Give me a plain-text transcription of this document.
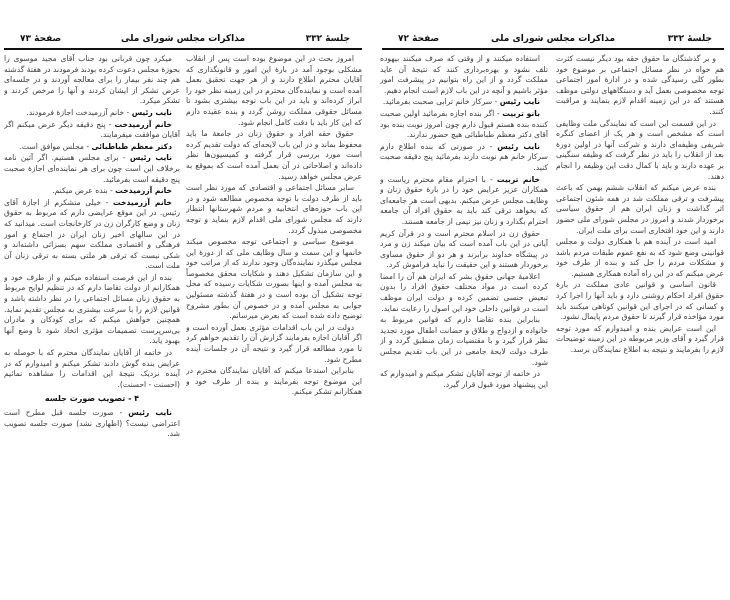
صفحهٔ ۷۳	مذاکرات مجلس شورای ملی	جلسهٔ ۳۳۲

امروز بحث در این موضوع بوده است پس از انقلاب مشکلی بوجود آمد در بارهٔ این امور و قانونگذاری که آقایان محترم اطلاع دارند و از هر جهت تحقیق بعمل آمده است و نماینده‌گان محترم در این زمینه نظر خود را ابراز کرده‌اند و باید در این باب توجه بیشتری بشود تا مسائل حقوقی مملکت روشن گردد و بنده عقیده دارم که این کار باید با دقت کامل انجام شود.

حقوق حقه افراد و حقوق زنان در جامعهٔ ما باید محفوظ بماند و در این باب لایحه‌ای که دولت تقدیم کرده است مورد بررسی قرار گرفته و کمیسیون‌ها نظر داده‌اند و اصلاحاتی در آن بعمل آمده است که بموقع به عرض مجلس خواهد رسید.

سایر مسائل اجتماعی و اقتصادی که مورد نظر است باید از طرف دولت با توجه مخصوص مطالعه شود و در این باب حوزه‌های انتخابیه و مردم شهرستانها انتظار دارند که مجلس شورای ملی اقدام لازم بنماید و توجه مخصوصی مبذول گردد.

موضوع سیاسی و اجتماعی توجه مخصوص میکند خانمها و این سمت و سال وظایف ملی که از دورهٔ این مجلس میگذرد نماینده‌گان وجود ندارند که از مراتب خود و این سازمان تشکیل دهند و شکایات محقق مخصوصاً به مجلس آمده و اینها بصورت شکایات رسیده که محل توجه تشکیل آن بوده است و در هفتهٔ گذشته مسئولین جوابی به مجلس آمده و در خصوص آن بطور مشروح توضیح داده شده است که بعرض میرسانم.

دولت در این باب اقدامات مؤثری بعمل آورده است و اگر آقایان اجازه بفرمایند گزارش آن را تقدیم خواهم کرد تا مورد مطالعه قرار گیرد و نتیجه آن در جلسات آینده مطرح شود.

بنابراین استدعا میکنم که آقایان نمایندگان محترم در این موضوع توجه بفرمایند و بنده از طرف خود و همکارانم تشکر میکنم.

میکرد چون قربانی بود جناب آقای مجید موسوی را بحوزهٔ مجلس دعوت کرده بودند فرمودند در هفتهٔ گذشته هم چند نفر بیمار را برای معالجه آوردند و در جلسه‌ای عرض تشکر از ایشان کردند و آنها را مرخص کردند و تشکر میکرد.

نایب رئیس - خانم آزرمیدخت اجازهٔ فرمودند.

خانم آزرمیدخت - پنج دقیقه دیگر عرض میکنم اگر آقایان موافقت میفرمایند.

دکتر معظم طباطبائی - مجلس موافق است.

نایب رئیس - برای مجلس هستیم. اگر آئین نامه برخلاف این است چون برای هر نماینده‌ای اجازهٔ صحبت پنج دقیقه است بفرمائید.

خانم آزرمیدخت - بنده عرض میکنم.

خانم آزرمیدخت - خیلی متشکرم از اجازهٔ آقای رئیس. در این موقع عرایضی دارم که مربوط به حقوق زنان و وضع کارگران زن در کارخانجات است. میدانید که در این سالهای اخیر زنان ایران در اجتماع و امور فرهنگی و اقتصادی مملکت سهم بسزائی داشته‌اند و شکی نیست که ترقی هر ملتی بسته به ترقی زنان آن ملت است.

بنده از این فرصت استفاده میکنم و از طرف خود و همکارانم از دولت تقاضا دارم که در تنظیم لوایح مربوط به حقوق زنان مسائل اجتماعی را در نظر داشته باشد و قوانین لازم را با سرعت بیشتری به مجلس تقدیم نماید. همچنین خواهش میکنم که برای کودکان و مادران بی‌سرپرست تصمیمات مؤثری اتخاذ شود تا وضع آنها بهبود یابد.

در خاتمه از آقایان نمایندگان محترم که با حوصله به عرایض بنده گوش دادند تشکر میکنم و امیدوارم که در آینده نزدیک نتیجهٔ این اقدامات را مشاهده نمائیم (احسنت - احسنت).

۴ - تصویب صورت جلسه

نایب رئیس - صورت جلسه قبل مطرح است اعتراضی نیست؟ (اظهاری نشد) صورت جلسه تصویب شد.

صفحهٔ ۷۲	مذاکرات مجلس شورای ملی	جلسهٔ ۳۳۲

و بر گذشتگان ما حقوق حقه بود دیگر نیست کثرت هم خواه در نظر مسائل اجتماعی بر موضوع خود بطور کلی رسیدگی شده و در ادارهٔ امور اجتماعی توجه مخصوصی بعمل آید و دستگاههای دولتی موظف هستند که در این زمینه اقدام لازم بنمایند و مراقبت کنند.

در این قسمت این است که نمایندگی ملت وظایفی است که مشخص است و هر یک از اعضای کنگره شریفی وظیفه‌ای دارند و شرکت آنها در اولین دورهٔ بعد از انقلاب را باید در نظر گرفت که وظیفه سنگینی بر عهده دارند و باید با کمال دقت این وظیفه را انجام دهند.

بنده عرض میکنم که انقلاب ششم بهمن که باعث پیشرفت و ترقی مملکت شد در همه شئون اجتماعی اثر گذاشت و زنان ایران هم از حقوق سیاسی برخوردار شدند و امروز در مجلس شورای ملی حضور دارند و این خود افتخاری است برای ملت ایران.

امید است در آینده هم با همکاری دولت و مجلس قوانینی وضع شود که به نفع عموم طبقات مردم باشد و مشکلات مردم را حل کند و بنده از طرف خود عرض میکنم که در این راه آماده همکاری هستیم.

قانون اساسی و قوانین عادی مملکت در بارهٔ حقوق افراد احکام روشنی دارد و باید آنها را اجرا کرد و کسانی که در اجرای این قوانین کوتاهی میکنند باید مورد مؤاخذه قرار گیرند تا حقوق مردم پایمال نشود.

این است عرایض بنده و امیدوارم که مورد توجه قرار گیرد و آقای وزیر مربوطه در این زمینه توضیحات لازم را بفرمایند و نتیجه به اطلاع نمایندگان برسد.

استفاده میکنند و از وقتی که صرف میکنند بیهوده تلف نشود و بهره‌برداری کنند که نتیجهٔ آن عاید مملکت گردد و از این راه بتوانیم در پیشرفت امور مؤثر باشیم و آنچه در این باب لازم است انجام دهیم.

نایب رئیس - سرکار خانم ترابی صحبت بفرمائید.

بانو تربیت - اگر بنده اجازه بفرمائید اولین صحبت کننده بنده هستم قبول دارم چون امروز نوبت بنده بود آقای دکتر معظم طباطبائی هیچ حضور ندارند.

نایب رئیس - در صورتی که بنده اطلاع دارم سرکار خانم هم نوبت دارند بفرمائید پنج دقیقه صحبت کنید.

خانم تربیت - با احترام مقام محترم ریاست و همکاران عزیز عرایض خود را در بارهٔ حقوق زنان و وظایف مجلس عرض میکنم. بدیهی است هر جامعه‌ای که بخواهد ترقی کند باید به حقوق افراد آن جامعه احترام بگذارد و زنان نیز نیمی از جامعه هستند.

حقوق زن در اسلام محترم است و در قرآن کریم آیاتی در این باب آمده است که بیان میکند زن و مرد در پیشگاه خداوند برابرند و هر دو از حقوق مساوی برخوردار هستند و این حقیقت را نباید فراموش کرد.

اعلامیهٔ جهانی حقوق بشر که ایران هم آن را امضا کرده است در مواد مختلف حقوق افراد را بدون تبعیض جنسی تضمین کرده و دولت ایران موظف است در قوانین داخلی خود این اصول را رعایت نماید.

بنابراین بنده تقاضا دارم که قوانین مربوط به خانواده و ازدواج و طلاق و حضانت اطفال مورد تجدید نظر قرار گیرد و با مقتضیات زمان منطبق گردد و از طرف دولت لایحهٔ جامعی در این باب تقدیم مجلس شود.

در خاتمه از توجه آقایان تشکر میکنم و امیدوارم که این پیشنهاد مورد قبول قرار گیرد.
